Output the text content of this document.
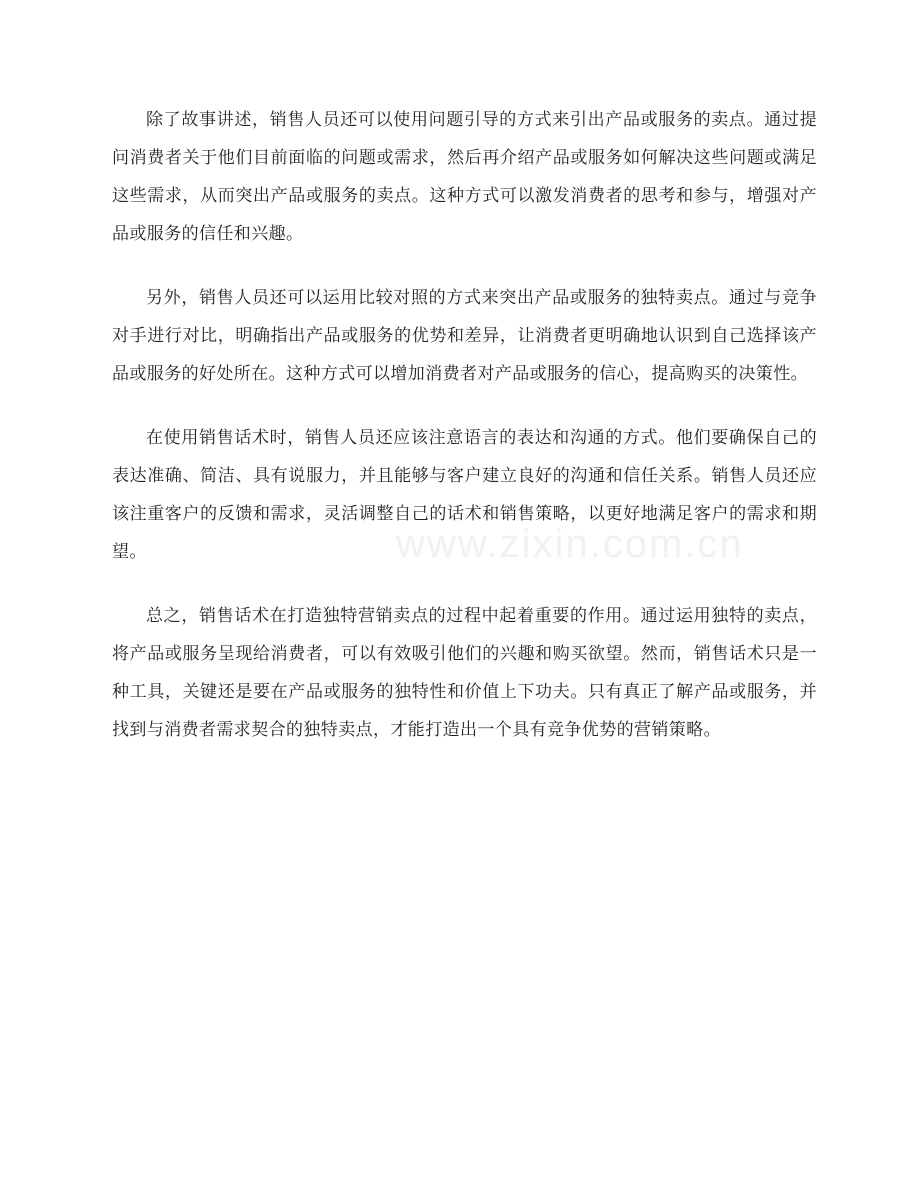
除了故事讲述，销售人员还可以使用问题引导的方式来引出产品或服务的卖点。通过提问消费者关于他们目前面临的问题或需求，然后再介绍产品或服务如何解决这些问题或满足这些需求，从而突出产品或服务的卖点。这种方式可以激发消费者的思考和参与，增强对产品或服务的信任和兴趣。

另外，销售人员还可以运用比较对照的方式来突出产品或服务的独特卖点。通过与竞争对手进行对比，明确指出产品或服务的优势和差异，让消费者更明确地认识到自己选择该产品或服务的好处所在。这种方式可以增加消费者对产品或服务的信心，提高购买的决策性。

在使用销售话术时，销售人员还应该注意语言的表达和沟通的方式。他们要确保自己的表达准确、简洁、具有说服力，并且能够与客户建立良好的沟通和信任关系。销售人员还应该注重客户的反馈和需求，灵活调整自己的话术和销售策略，以更好地满足客户的需求和期望。

总之，销售话术在打造独特营销卖点的过程中起着重要的作用。通过运用独特的卖点，将产品或服务呈现给消费者，可以有效吸引他们的兴趣和购买欲望。然而，销售话术只是一种工具，关键还是要在产品或服务的独特性和价值上下功夫。只有真正了解产品或服务，并找到与消费者需求契合的独特卖点，才能打造出一个具有竞争优势的营销策略。

www.zixin.com.cn
